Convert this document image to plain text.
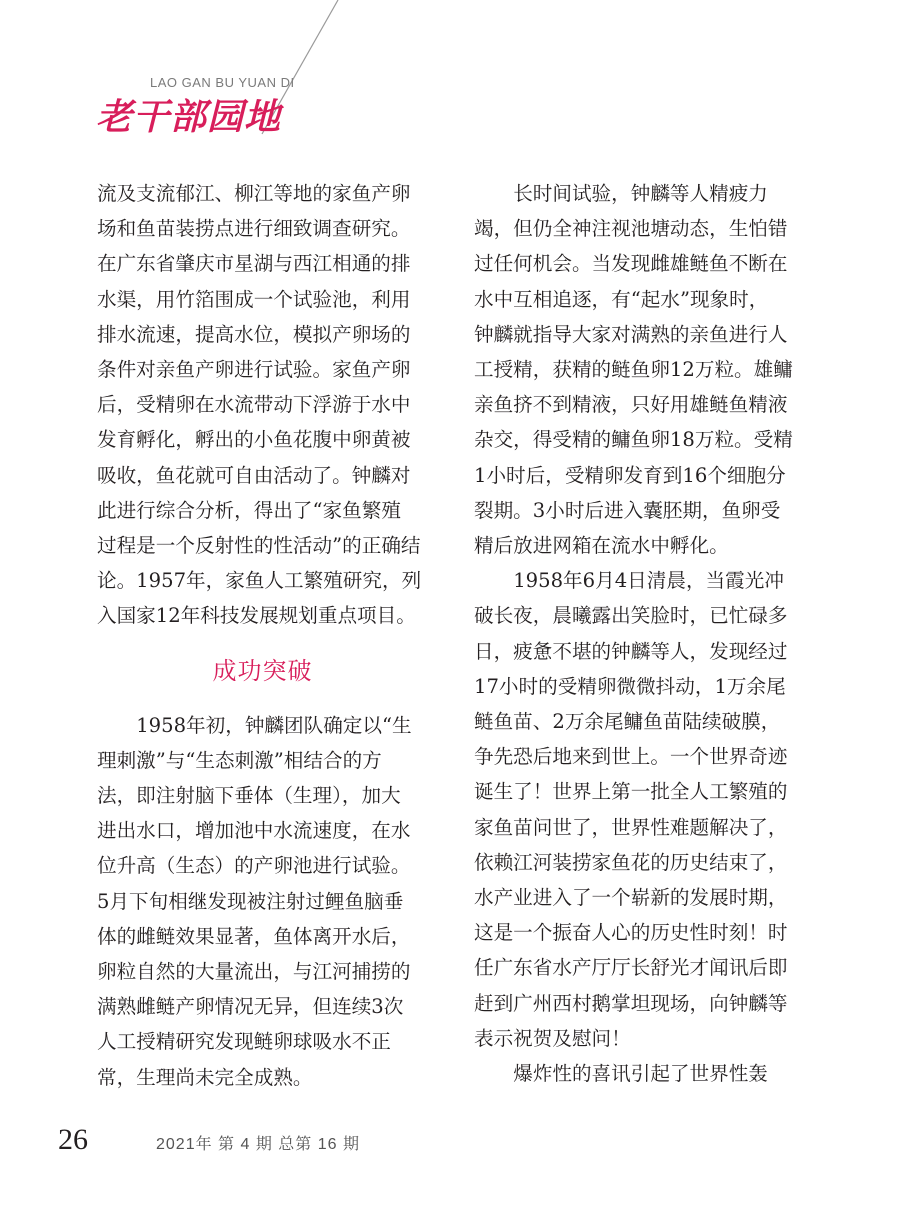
LAO GAN BU YUAN DI
老干部园地

流及支流郁江、柳江等地的家鱼产卵

场和鱼苗装捞点进行细致调查研究。

在广东省肇庆市星湖与西江相通的排

水渠，用竹箔围成一个试验池，利用

排水流速，提高水位，模拟产卵场的

条件对亲鱼产卵进行试验。家鱼产卵

后，受精卵在水流带动下浮游于水中

发育孵化，孵出的小鱼花腹中卵黄被

吸收，鱼花就可自由活动了。钟麟对

此进行综合分析，得出了“家鱼繁殖

过程是一个反射性的性活动”的正确结

论。1957年，家鱼人工繁殖研究，列

入国家12年科技发展规划重点项目。

成功突破

1958年初，钟麟团队确定以“生

理刺激”与“生态刺激”相结合的方

法，即注射脑下垂体（生理），加大

进出水口，增加池中水流速度，在水

位升高（生态）的产卵池进行试验。

5月下旬相继发现被注射过鲤鱼脑垂

体的雌鲢效果显著，鱼体离开水后，

卵粒自然的大量流出，与江河捕捞的

满熟雌鲢产卵情况无异，但连续3次

人工授精研究发现鲢卵球吸水不正

常，生理尚未完全成熟。

长时间试验，钟麟等人精疲力

竭，但仍全神注视池塘动态，生怕错

过任何机会。当发现雌雄鲢鱼不断在

水中互相追逐，有“起水”现象时，

钟麟就指导大家对满熟的亲鱼进行人

工授精，获精的鲢鱼卵12万粒。雄鳙

亲鱼挤不到精液，只好用雄鲢鱼精液

杂交，得受精的鳙鱼卵18万粒。受精

1小时后，受精卵发育到16个细胞分

裂期。3小时后进入囊胚期，鱼卵受

精后放进网箱在流水中孵化。

1958年6月4日清晨，当霞光冲

破长夜，晨曦露出笑脸时，已忙碌多

日，疲惫不堪的钟麟等人，发现经过

17小时的受精卵微微抖动，1万余尾

鲢鱼苗、2万余尾鳙鱼苗陆续破膜，

争先恐后地来到世上。一个世界奇迹

诞生了！世界上第一批全人工繁殖的

家鱼苗问世了，世界性难题解决了，

依赖江河装捞家鱼花的历史结束了，

水产业进入了一个崭新的发展时期，

这是一个振奋人心的历史性时刻！时

任广东省水产厅厅长舒光才闻讯后即

赶到广州西村鹅掌坦现场，向钟麟等

表示祝贺及慰问！

爆炸性的喜讯引起了世界性轰

26	2021年 第 4 期 总第 16 期
